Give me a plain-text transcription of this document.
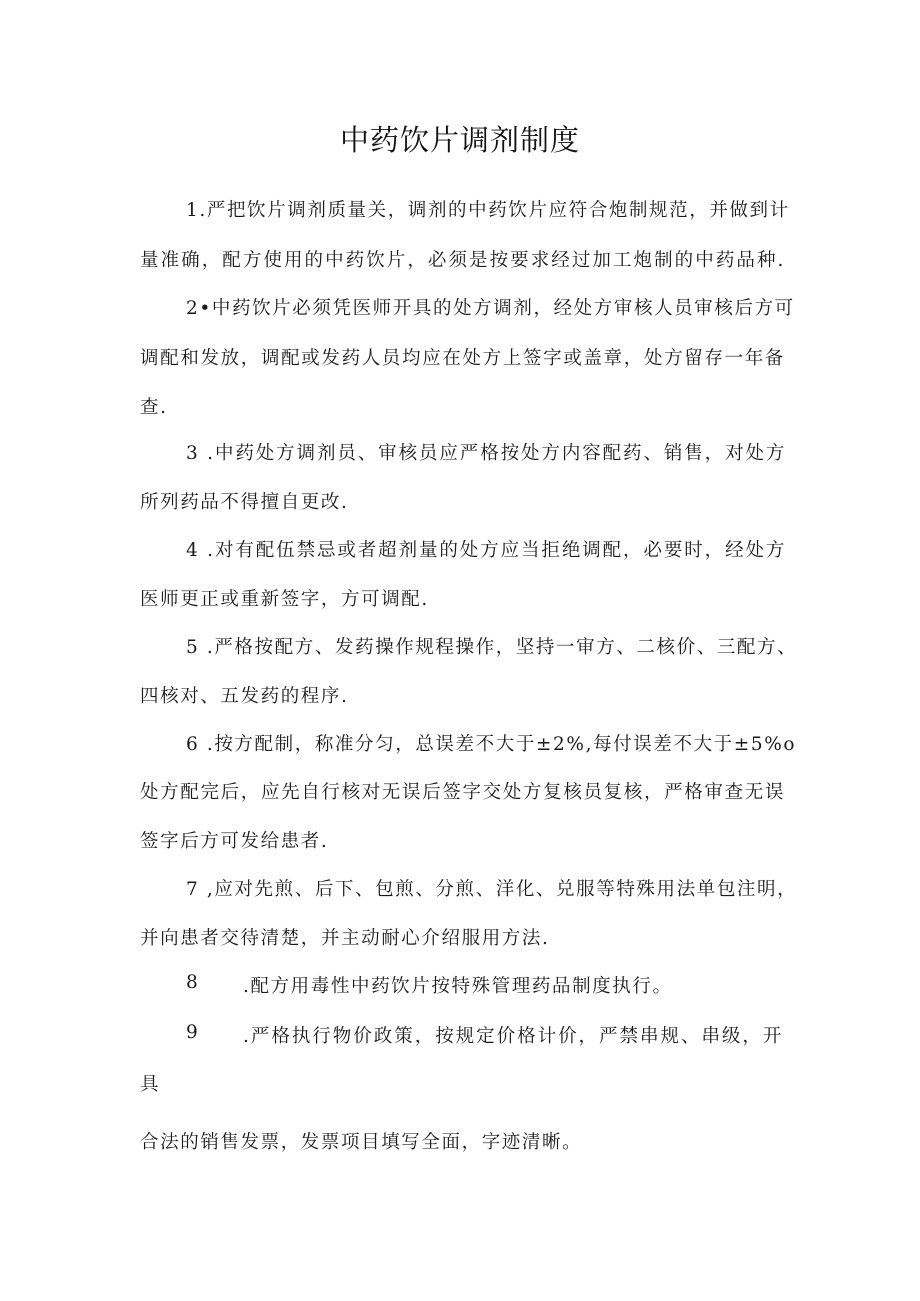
中药饮片调剂制度
1.严把饮片调剂质量关，调剂的中药饮片应符合炮制规范，并做到计
量准确，配方使用的中药饮片，必须是按要求经过加工炮制的中药品种.
2•中药饮片必须凭医师开具的处方调剂，经处方审核人员审核后方可
调配和发放，调配或发药人员均应在处方上签字或盖章，处方留存一年备
查.
3 .中药处方调剂员、审核员应严格按处方内容配药、销售，对处方
所列药品不得擅自更改.
4 .对有配伍禁忌或者超剂量的处方应当拒绝调配，必要时，经处方
医师更正或重新签字，方可调配.
5 .严格按配方、发药操作规程操作，坚持一审方、二核价、三配方、
四核对、五发药的程序.
6 .按方配制，称准分匀，总误差不大于±2%,每付误差不大于±5%o
处方配完后，应先自行核对无误后签字交处方复核员复核，严格审查无误
签字后方可发给患者.
7 ,应对先煎、后下、包煎、分煎、洋化、兑服等特殊用法单包注明，
并向患者交待清楚，并主动耐心介绍服用方法.
8	.配方用毒性中药饮片按特殊管理药品制度执行。
9	.严格执行物价政策，按规定价格计价，严禁串规、串级，开
具
合法的销售发票，发票项目填写全面，字迹清晰。
